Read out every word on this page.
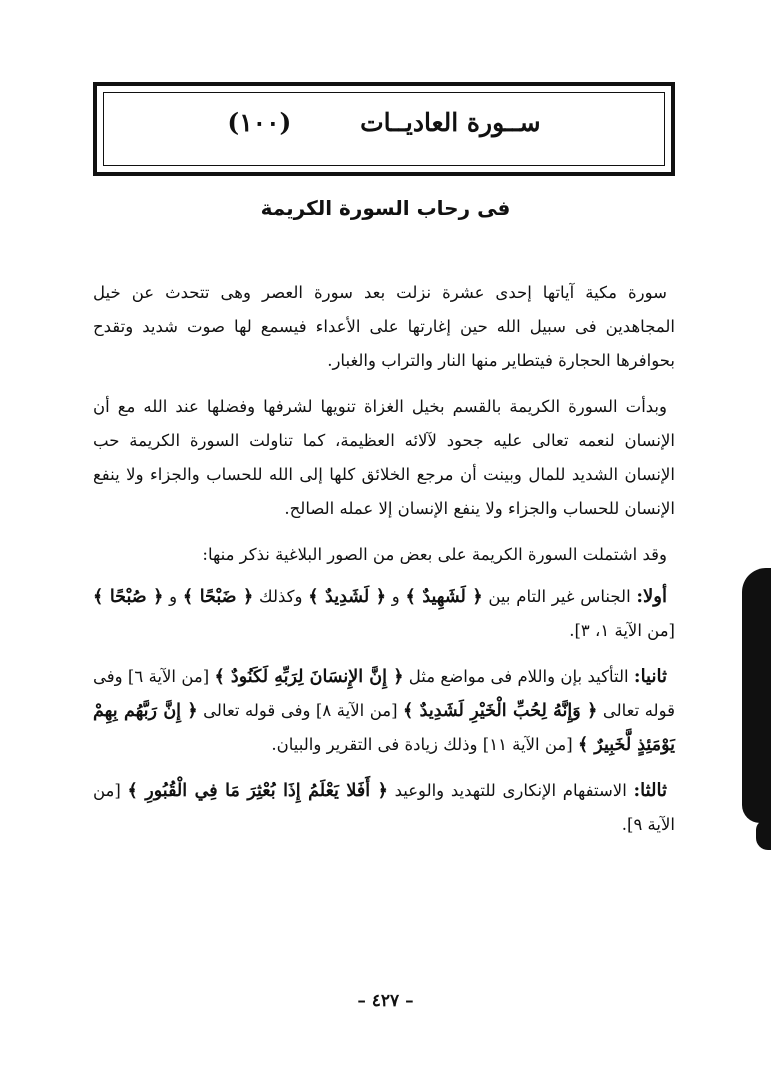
ســورة العاديــات (١٠٠)
فى رحاب السورة الكريمة

سورة مكية آياتها إحدى عشرة نزلت بعد سورة العصر وهى تتحدث عن خيل المجاهدين فى سبيل الله حين إغارتها على الأعداء فيسمع لها صوت شديد وتقدح بحوافرها الحجارة فيتطاير منها النار والتراب والغبار.

وبدأت السورة الكريمة بالقسم بخيل الغزاة تنويها لشرفها وفضلها عند الله مع أن الإنسان لنعمه تعالى عليه جحود لآلائه العظيمة، كما تناولت السورة الكريمة حب الإنسان الشديد للمال وبينت أن مرجع الخلائق كلها إلى الله للحساب والجزاء ولا ينفع الإنسان للحساب والجزاء ولا ينفع الإنسان إلا عمله الصالح.

وقد اشتملت السورة الكريمة على بعض من الصور البلاغية نذكر منها:

أولا: الجناس غير التام بين ﴿ لَشَهِيدٌ ﴾ و ﴿ لَشَدِيدٌ ﴾ وكذلك ﴿ ضَبْحًا ﴾ و ﴿ صُبْحًا ﴾ [من الآية ١، ٣].

ثانيا: التأكيد بإن واللام فى مواضع مثل ﴿ إِنَّ الإِنسَانَ لِرَبِّهِ لَكَنُودٌ ﴾ [من الآية ٦] وفى قوله تعالى ﴿ وَإِنَّهُ لِحُبِّ الْخَيْرِ لَشَدِيدٌ ﴾ [من الآية ٨] وفى قوله تعالى ﴿ إِنَّ رَبَّهُم بِهِمْ يَوْمَئِذٍ لَّخَبِيرٌ ﴾ [من الآية ١١] وذلك زيادة فى التقرير والبيان.

ثالثا: الاستفهام الإنكارى للتهديد والوعيد ﴿ أَفَلا يَعْلَمُ إِذَا بُعْثِرَ مَا فِي الْقُبُورِ ﴾ [من الآية ٩].

– ٤٢٧ –
